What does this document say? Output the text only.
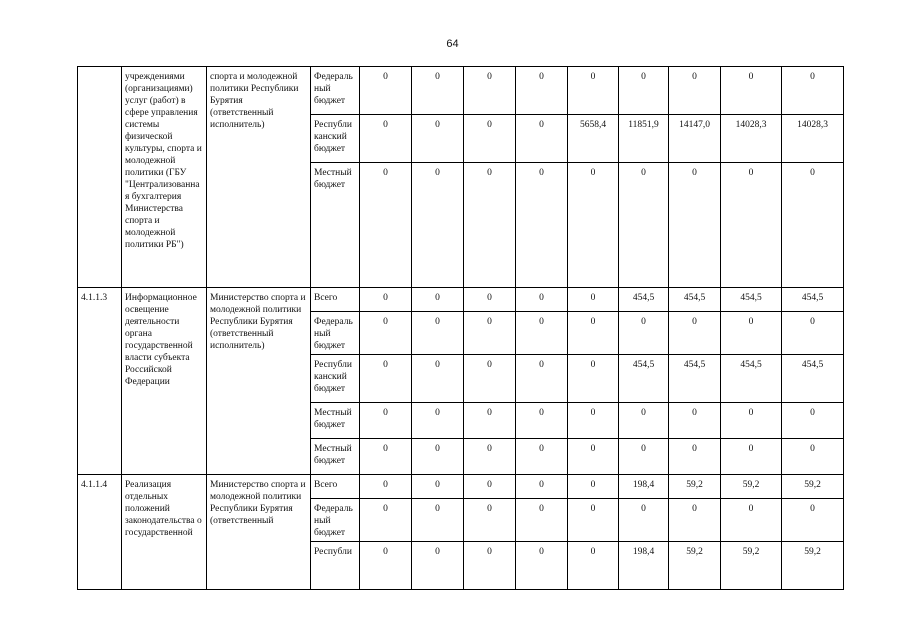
64
	учреждениями (организациями) услуг (работ) в сфере управления системы физической культуры, спорта и молодежной политики (ГБУ "Централизованная бухгалтерия Министерства спорта и молодежной политики РБ")	спорта и молодежной политики Республики Бурятия (ответственный исполнитель)	Федеральный бюджет	0	0	0	0	0	0	0	0	0
			Республиканский бюджет	0	0	0	0	5658,4	11851,9	14147,0	14028,3	14028,3
			Местный бюджет	0	0	0	0	0	0	0	0	0
4.1.1.3	Информационное освещение деятельности органа государственной власти субъекта Российской Федерации	Министерство спорта и молодежной политики Республики Бурятия (ответственный исполнитель)	Всего	0	0	0	0	0	454,5	454,5	454,5	454,5
			Федеральный бюджет	0	0	0	0	0	0	0	0	0
			Республиканский бюджет	0	0	0	0	0	454,5	454,5	454,5	454,5
			Местный бюджет	0	0	0	0	0	0	0	0	0
			Местный бюджет	0	0	0	0	0	0	0	0	0
4.1.1.4	Реализация отдельных положений законодательства о государственной	Министерство спорта и молодежной политики Республики Бурятия (ответственный	Всего	0	0	0	0	0	198,4	59,2	59,2	59,2
			Федеральный бюджет	0	0	0	0	0	0	0	0	0
			Республи	0	0	0	0	0	198,4	59,2	59,2	59,2
